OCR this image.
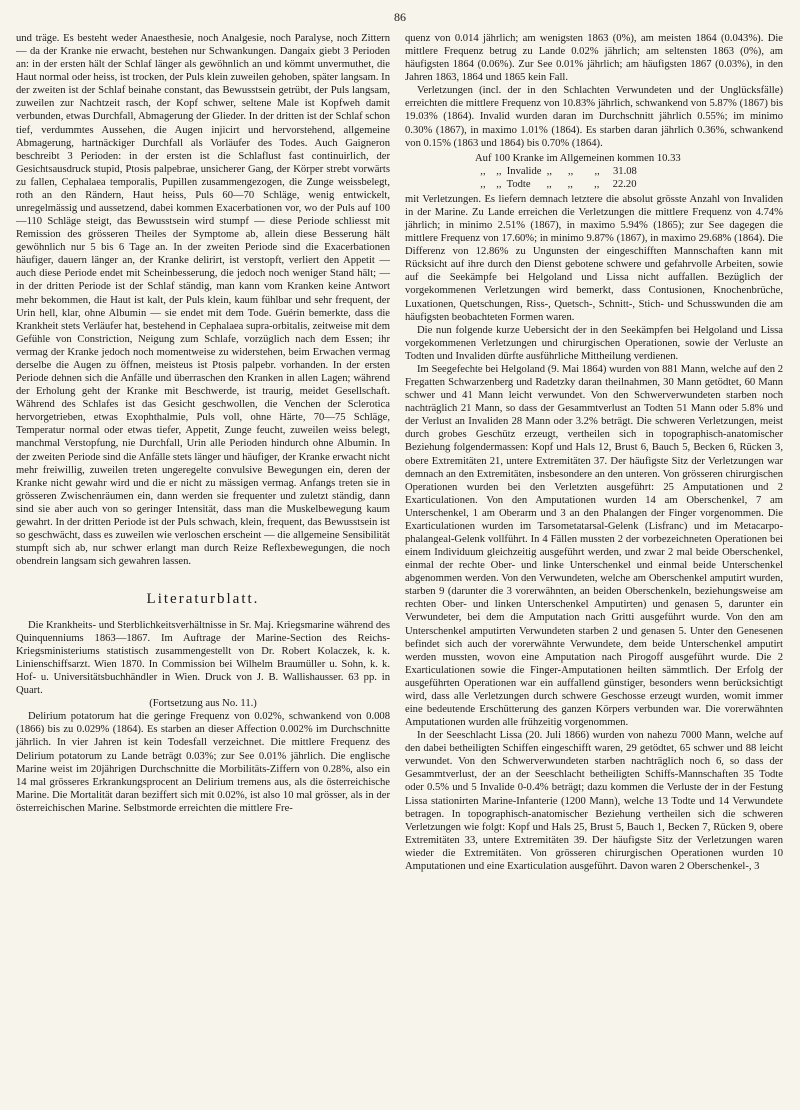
86

und träge. Es besteht weder Anaesthesie, noch Analgesie, noch Paralyse, noch Zittern — da der Kranke nie erwacht, bestehen nur Schwankungen. Dangaix giebt 3 Perioden an: in der ersten hält der Schlaf länger als gewöhnlich an und kömmt unvermuthet, die Haut normal oder heiss, ist trocken, der Puls klein zuweilen gehoben, später langsam. In der zweiten ist der Schlaf beinahe constant, das Bewusstsein getrübt, der Puls langsam, zuweilen zur Nachtzeit rasch, der Kopf schwer, seltene Male ist Kopfweh damit verbunden, etwas Durchfall, Abmagerung der Glieder. In der dritten ist der Schlaf schon tief, verdummtes Aussehen, die Augen injicirt und hervorstehend, allgemeine Abmagerung, hartnäckiger Durchfall als Vorläufer des Todes. Auch Gaigneron beschreibt 3 Perioden: in der ersten ist die Schlaflust fast continuirlich, der Gesichtsausdruck stupid, Ptosis palpebrae, unsicherer Gang, der Körper strebt vorwärts zu fallen, Cephalaea temporalis, Pupillen zusammengezogen, die Zunge weissbelegt, roth an den Rändern, Haut heiss, Puls 60—70 Schläge, wenig entwickelt, unregelmässig und aussetzend, dabei kommen Exacerbationen vor, wo der Puls auf 100—110 Schläge steigt, das Bewusstsein wird stumpf — diese Periode schliesst mit Remission des grösseren Theiles der Symptome ab, allein diese Besserung hält gewöhnlich nur 5 bis 6 Tage an. In der zweiten Periode sind die Exacerbationen häufiger, dauern länger an, der Kranke delirirt, ist verstopft, verliert den Appetit — auch diese Periode endet mit Scheinbesserung, die jedoch noch weniger Stand hält; — in der dritten Periode ist der Schlaf ständig, man kann vom Kranken keine Antwort mehr bekommen, die Haut ist kalt, der Puls klein, kaum fühlbar und sehr frequent, der Urin hell, klar, ohne Albumin — sie endet mit dem Tode. Guérin bemerkte, dass die Krankheit stets Verläufer hat, bestehend in Cephalaea supra-orbitalis, zeitweise mit dem Gefühle von Constriction, Neigung zum Schlafe, vorzüglich nach dem Essen; ihr vermag der Kranke jedoch noch momentweise zu widerstehen, beim Erwachen vermag derselbe die Augen zu öffnen, meisteus ist Ptosis palpebr. vorhanden. In der ersten Periode dehnen sich die Anfälle und überraschen den Kranken in allen Lagen; während der Erholung geht der Kranke mit Beschwerde, ist traurig, meidet Gesellschaft. Während des Schlafes ist das Gesicht geschwollen, die Venchen der Sclerotica hervorgetrieben, etwas Exophthalmie, Puls voll, ohne Härte, 70—75 Schläge, Temperatur normal oder etwas tiefer, Appetit, Zunge feucht, zuweilen weiss belegt, manchmal Verstopfung, nie Durchfall, Urin alle Perioden hindurch ohne Albumin. In der zweiten Periode sind die Anfälle stets länger und häufiger, der Kranke erwacht nicht mehr freiwillig, zuweilen treten ungeregelte convulsive Bewegungen ein, deren der Kranke nicht gewahr wird und die er nicht zu mässigen vermag. Anfangs treten sie in grösseren Zwischenräumen ein, dann werden sie frequenter und zuletzt ständig, dann sind sie aber auch von so geringer Intensität, dass man die Muskelbewegung kaum gewahrt. In der dritten Periode ist der Puls schwach, klein, frequent, das Bewusstsein ist so geschwächt, dass es zuweilen wie verloschen erscheint — die allgemeine Sensibilität stumpft sich ab, nur schwer erlangt man durch Reize Reflexbewegungen, die noch obendrein langsam sich gewahren lassen.

Literaturblatt.

Die Krankheits- und Sterblichkeitsverhältnisse in Sr. Maj. Kriegsmarine während des Quinquenniums 1863—1867. Im Auftrage der Marine-Section des Reichs-Kriegsministeriums statistisch zusammengestellt von Dr. Robert Kolaczek, k. k. Linienschiffsarzt. Wien 1870. In Commission bei Wilhelm Braumüller u. Sohn, k. k. Hof- u. Universitätsbuchhändler in Wien. Druck von J. B. Wallishausser. 63 pp. in Quart.

(Fortsetzung aus No. 11.)

Delirium potatorum hat die geringe Frequenz von 0.02%, schwankend von 0.008 (1866) bis zu 0.029% (1864). Es starben an dieser Affection 0.002% im Durchschnitte jährlich. In vier Jahren ist kein Todesfall verzeichnet. Die mittlere Frequenz des Delirium potatorum zu Lande beträgt 0.03%; zur See 0.01% jährlich. Die englische Marine weist im 20jährigen Durchschnitte die Morbilitäts-Ziffern von 0.28%, also ein 14 mal grösseres Erkrankungsprocent an Delirium tremens aus, als die österreichische Marine. Die Mortalität daran beziffert sich mit 0.02%, ist also 10 mal grösser, als in der österreichischen Marine. Selbstmorde erreichten die mittlere Fre-

quenz von 0.014 jährlich; am wenigsten 1863 (0%), am meisten 1864 (0.043%). Die mittlere Frequenz betrug zu Lande 0.02% jährlich; am seltensten 1863 (0%), am häufigsten 1864 (0.06%). Zur See 0.01% jährlich; am häufigsten 1867 (0.03%), in den Jahren 1863, 1864 und 1865 kein Fall.

Verletzungen (incl. der in den Schlachten Verwundeten und der Unglücksfälle) erreichten die mittlere Frequenz von 10.83% jährlich, schwankend von 5.87% (1867) bis 19.03% (1864). Invalid wurden daran im Durchschnitt jährlich 0.55%; im minimo 0.30% (1867), in maximo 1.01% (1864). Es starben daran jährlich 0.36%, schwankend von 0.15% (1863 und 1864) bis 0.70% (1864).

Auf 100 Kranke im Allgemeinen kommen 10.33
,,    ,,  Invalide  ,,      ,,        ,,     31.08
,,    ,,  Todte      ,,      ,,        ,,     22.20

mit Verletzungen. Es liefern demnach letztere die absolut grösste Anzahl von Invaliden in der Marine. Zu Lande erreichen die Verletzungen die mittlere Frequenz von 4.74% jährlich; in minimo 2.51% (1867), in maximo 5.94% (1865); zur See dagegen die mittlere Frequenz von 17.60%; in minimo 9.87% (1867), in maximo 29.68% (1864). Die Differenz von 12.86% zu Ungunsten der eingeschifften Mannschaften kann mit Rücksicht auf ihre durch den Dienst gebotene schwere und gefahrvolle Arbeiten, sowie auf die Seekämpfe bei Helgoland und Lissa nicht auffallen. Bezüglich der vorgekommenen Verletzungen wird bemerkt, dass Contusionen, Knochenbrüche, Luxationen, Quetschungen, Riss-, Quetsch-, Schnitt-, Stich- und Schusswunden die am häufigsten beobachteten Formen waren.

Die nun folgende kurze Uebersicht der in den Seekämpfen bei Helgoland und Lissa vorgekommenen Verletzungen und chirurgischen Operationen, sowie der Verluste an Todten und Invaliden dürfte ausführliche Mittheilung verdienen.

Im Seegefechte bei Helgoland (9. Mai 1864) wurden von 881 Mann, welche auf den 2 Fregatten Schwarzenberg und Radetzky daran theilnahmen, 30 Mann getödtet, 60 Mann schwer und 41 Mann leicht verwundet. Von den Schwerverwundeten starben noch nachträglich 21 Mann, so dass der Gesammtverlust an Todten 51 Mann oder 5.8% und der Verlust an Invaliden 28 Mann oder 3.2% beträgt. Die schweren Verletzungen, meist durch grobes Geschütz erzeugt, vertheilen sich in topographisch-anatomischer Beziehung folgendermassen: Kopf und Hals 12, Brust 6, Bauch 5, Becken 6, Rücken 3, obere Extremitäten 21, untere Extremitäten 37. Der häufigste Sitz der Verletzungen war demnach an den Extremitäten, insbesondere an den unteren. Von grösseren chirurgischen Operationen wurden bei den Verletzten ausgeführt: 25 Amputationen und 2 Exarticulationen. Von den Amputationen wurden 14 am Oberschenkel, 7 am Unterschenkel, 1 am Oberarm und 3 an den Phalangen der Finger vorgenommen. Die Exarticulationen wurden im Tarsometatarsal-Gelenk (Lisfranc) und im Metacarpo-phalangeal-Gelenk vollführt. In 4 Fällen mussten 2 der vorbezeichneten Operationen bei einem Individuum gleichzeitig ausgeführt werden, und zwar 2 mal beide Oberschenkel, einmal der rechte Ober- und linke Unterschenkel und einmal beide Unterschenkel abgenommen werden. Von den Verwundeten, welche am Oberschenkel amputirt wurden, starben 9 (darunter die 3 vorerwähnten, an beiden Oberschenkeln, beziehungsweise am rechten Ober- und linken Unterschenkel Amputirten) und genasen 5, darunter ein Verwundeter, bei dem die Amputation nach Gritti ausgeführt wurde. Von den am Unterschenkel amputirten Verwundeten starben 2 und genasen 5. Unter den Genesenen befindet sich auch der vorerwähnte Verwundete, dem beide Unterschenkel amputirt werden mussten, wovon eine Amputation nach Pirogoff ausgeführt wurde. Die 2 Exarticulationen sowie die Finger-Amputationen heilten sämmtlich. Der Erfolg der ausgeführten Operationen war ein auffallend günstiger, besonders wenn berücksichtigt wird, dass alle Verletzungen durch schwere Geschosse erzeugt wurden, womit immer eine bedeutende Erschütterung des ganzen Körpers verbunden war. Die vorerwähnten Amputationen wurden alle frühzeitig vorgenommen.

In der Seeschlacht Lissa (20. Juli 1866) wurden von nahezu 7000 Mann, welche auf den dabei betheiligten Schiffen eingeschifft waren, 29 getödtet, 65 schwer und 88 leicht verwundet. Von den Schwerverwundeten starben nachträglich noch 6, so dass der Gesammtverlust, der an der Seeschlacht betheiligten Schiffs-Mannschaften 35 Todte oder 0.5% und 5 Invalide 0-0.4% beträgt; dazu kommen die Verluste der in der Festung Lissa stationirten Marine-Infanterie (1200 Mann), welche 13 Todte und 14 Verwundete betragen. In topographisch-anatomischer Beziehung vertheilen sich die schweren Verletzungen wie folgt: Kopf und Hals 25, Brust 5, Bauch 1, Becken 7, Rücken 9, obere Extremitäten 33, untere Extremitäten 39. Der häufigste Sitz der Verletzungen waren wieder die Extremitäten. Von grösseren chirurgischen Operationen wurden 10 Amputationen und eine Exarticulation ausgeführt. Davon waren 2 Oberschenkel-, 3
